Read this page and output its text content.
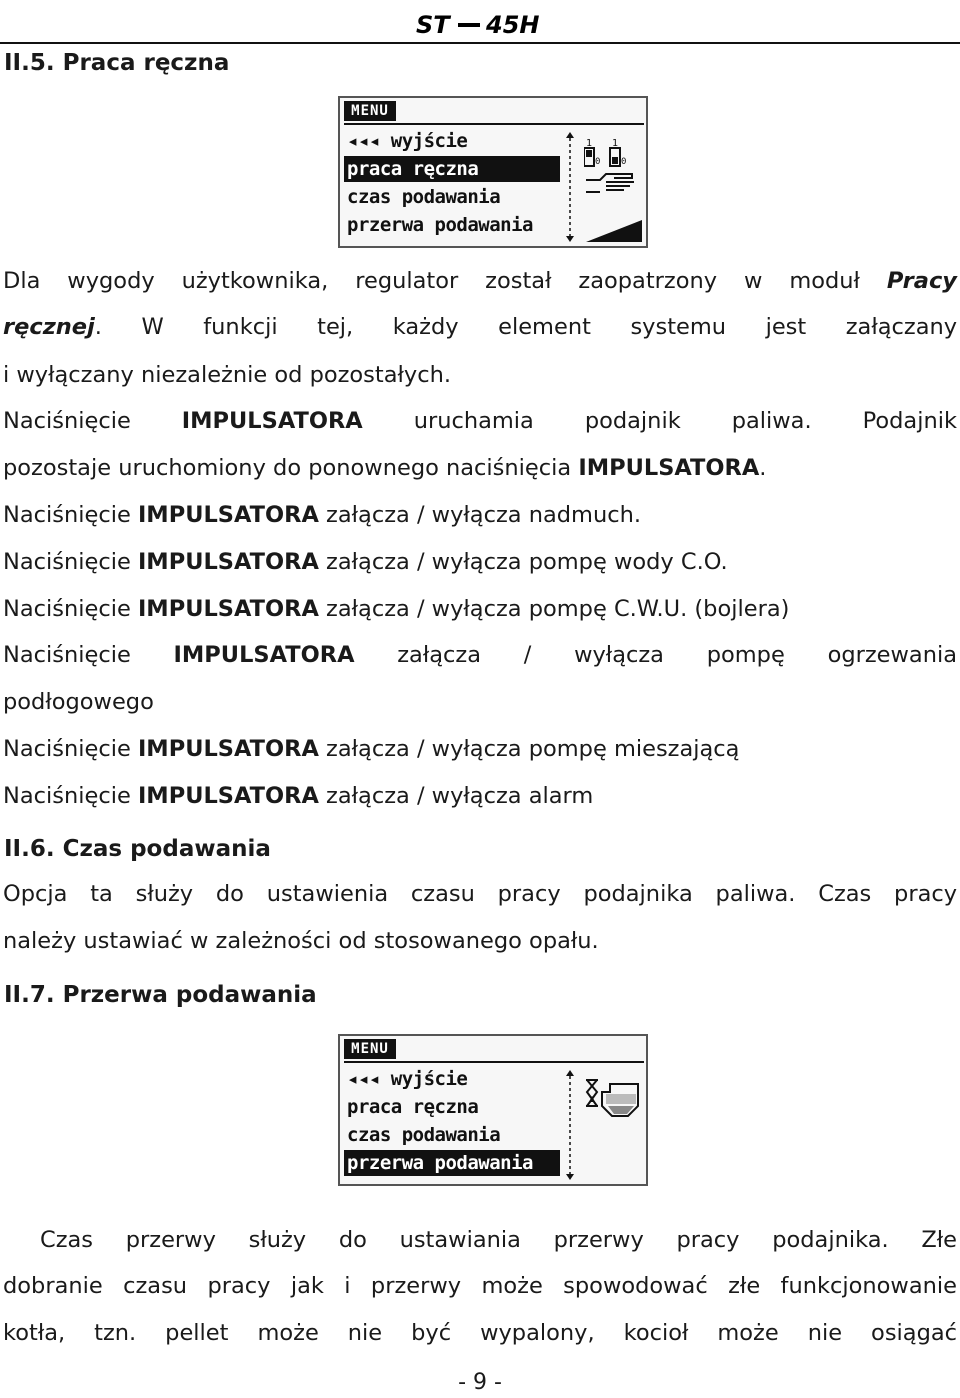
ST 45H
II.5. Praca ręczna
MENU
◂◂◂ wyjście
praca ręczna
czas podawania
przerwa podawania
1
0
1
0
Dla wygody użytkownika, regulator został zaopatrzony w moduł Pracy
ręcznej. W funkcji tej, każdy element systemu jest załączany
i wyłączany niezależnie od pozostałych.
Naciśnięcie IMPULSATORA uruchamia podajnik paliwa. Podajnik
pozostaje uruchomiony do ponownego naciśnięcia IMPULSATORA.
Naciśnięcie IMPULSATORA załącza / wyłącza nadmuch.
Naciśnięcie IMPULSATORA załącza / wyłącza pompę wody C.O.
Naciśnięcie IMPULSATORA załącza / wyłącza pompę C.W.U. (bojlera)
Naciśnięcie IMPULSATORA załącza / wyłącza pompę ogrzewania
podłogowego
Naciśnięcie IMPULSATORA załącza / wyłącza pompę mieszającą
Naciśnięcie IMPULSATORA załącza / wyłącza alarm
II.6. Czas podawania
Opcja ta służy do ustawienia czasu pracy podajnika paliwa. Czas pracy
należy ustawiać w zależności od stosowanego opału.
II.7. Przerwa podawania
MENU
◂◂◂ wyjście
praca ręczna
czas podawania
przerwa podawania
Czas przerwy służy do ustawiania przerwy pracy podajnika. Złe
dobranie czasu pracy jak i przerwy może spowodować złe funkcjonowanie
kotła, tzn. pellet może nie być wypalony, kocioł może nie osiągać
- 9 -
